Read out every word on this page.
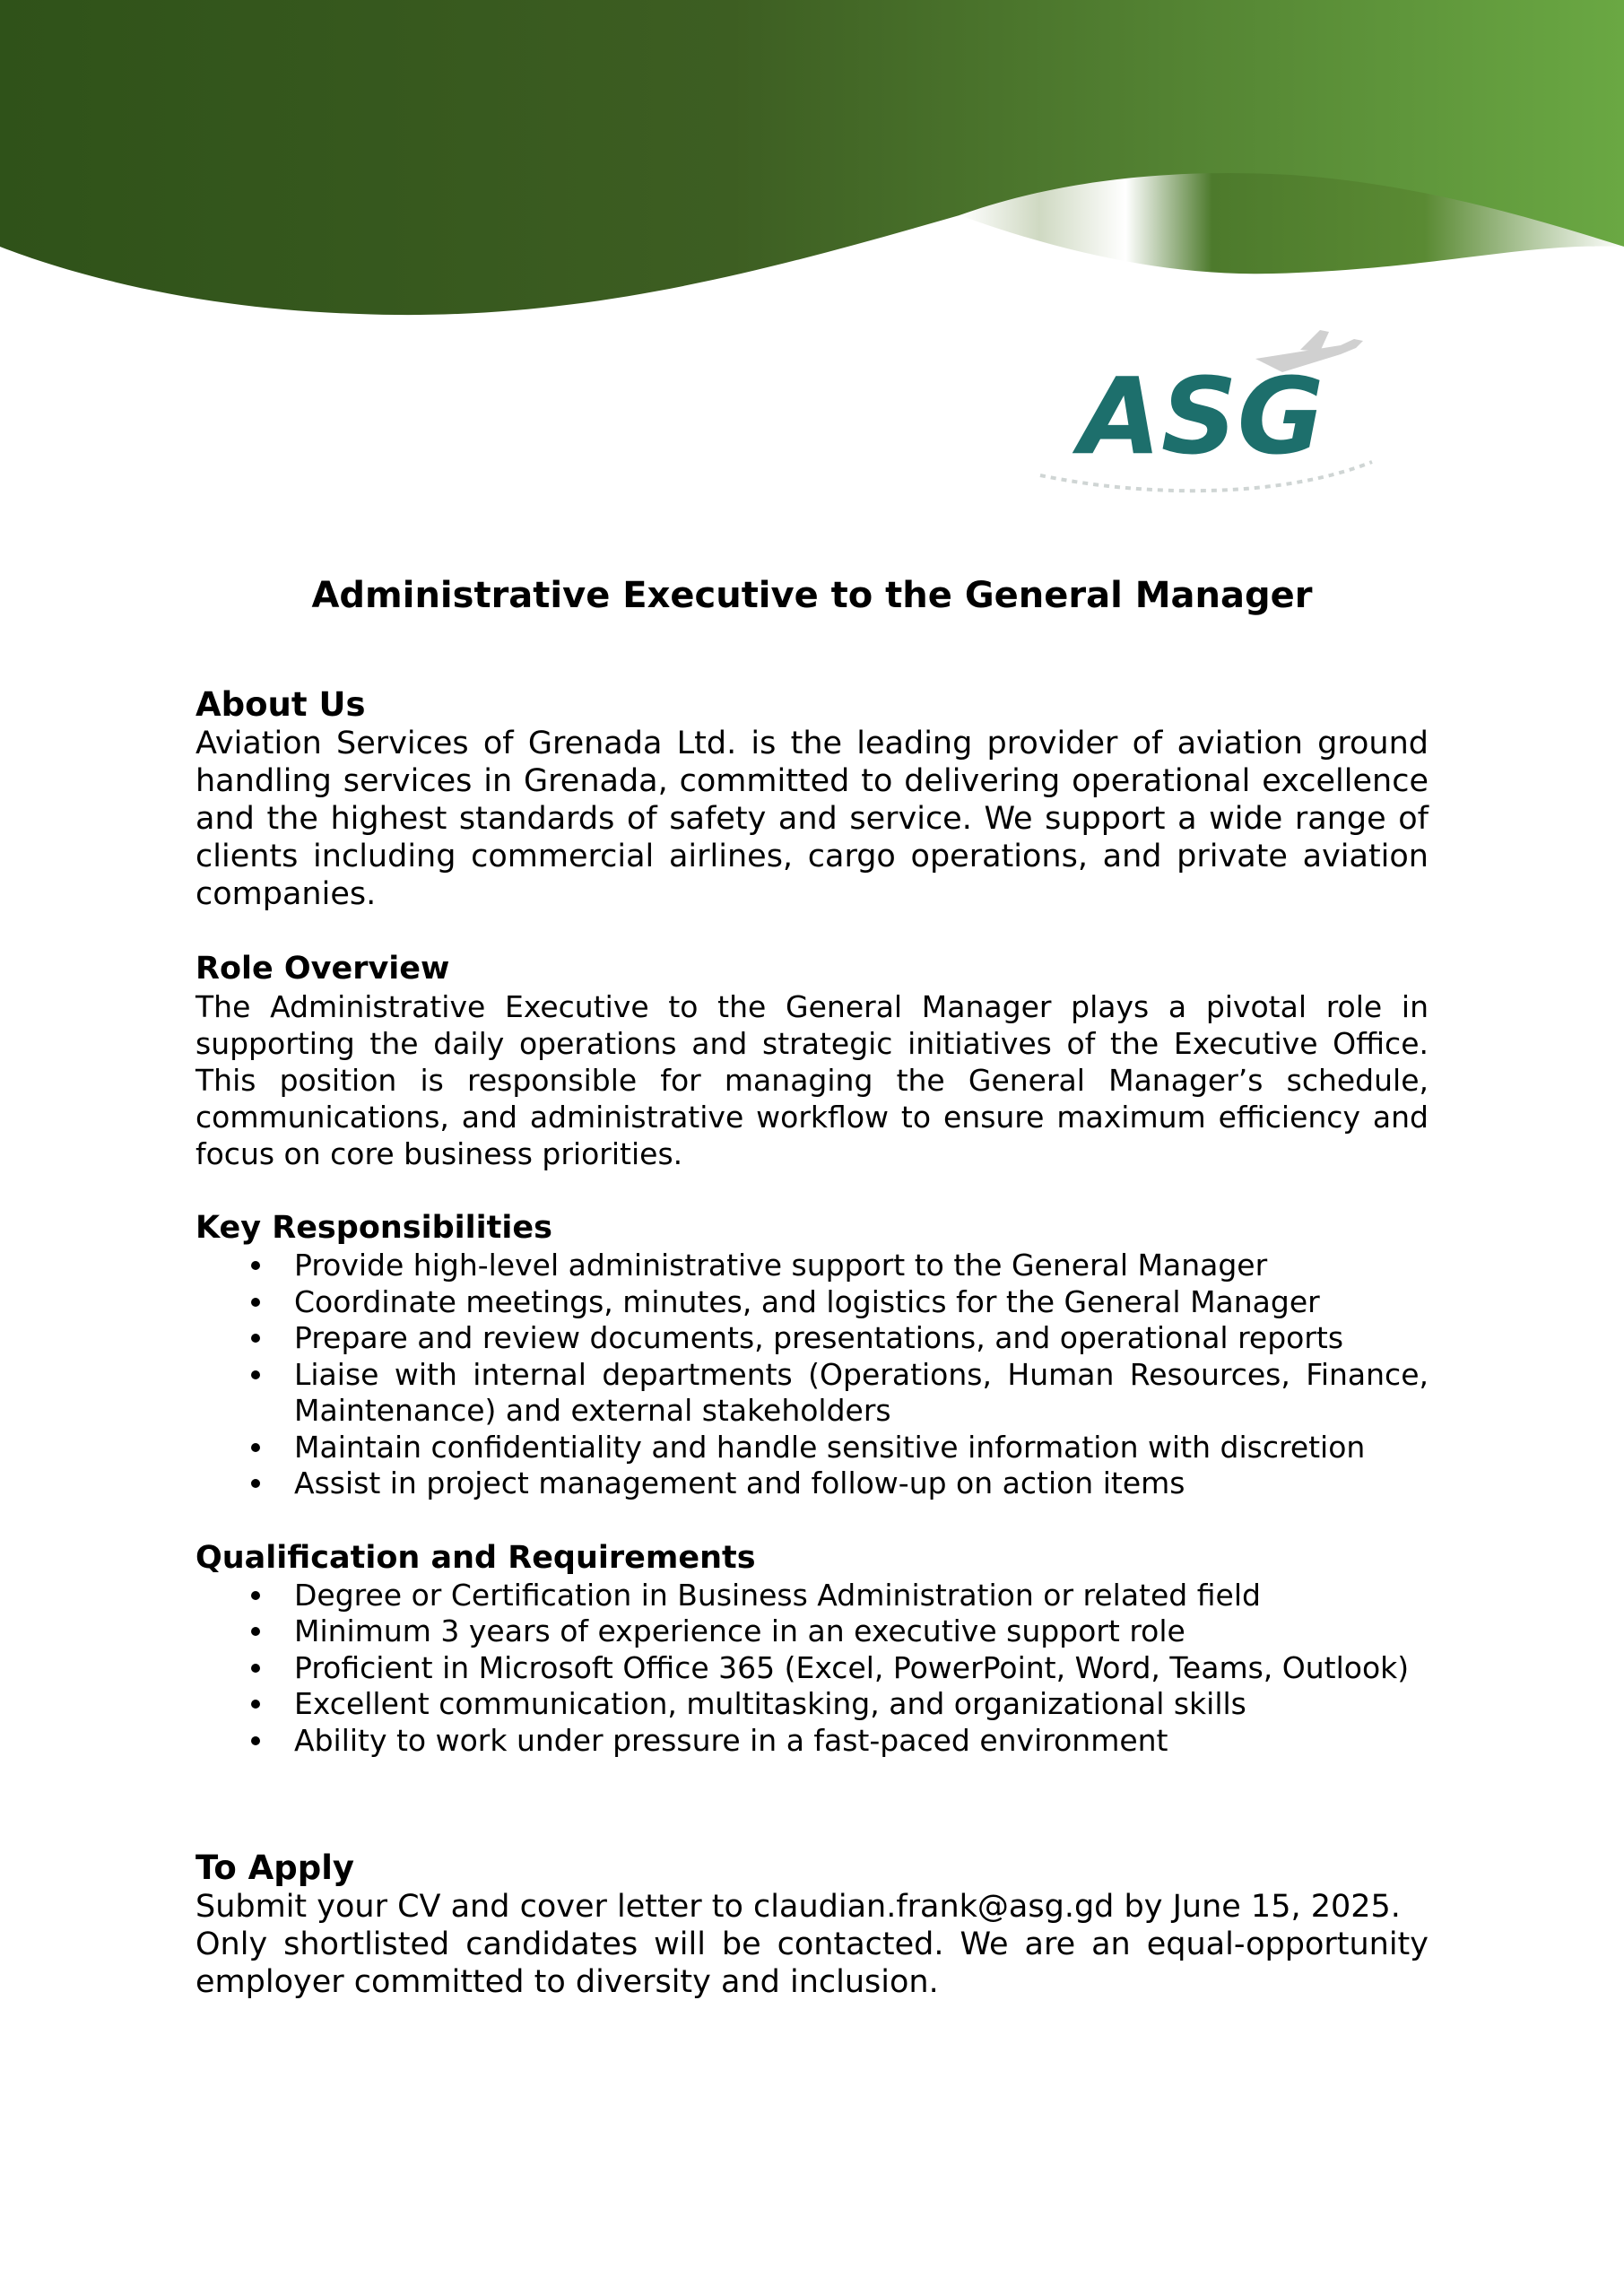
ASG
Administrative Executive to the General Manager

About Us

Aviation Services of Grenada Ltd. is the leading provider of aviation ground handling services in Grenada, committed to delivering operational excellence and the highest standards of safety and service. We support a wide range of clients including commercial airlines, cargo operations, and private aviation companies.

Role Overview

The Administrative Executive to the General Manager plays a pivotal role in supporting the daily operations and strategic initiatives of the Executive Office. This position is responsible for managing the General Manager’s schedule, communications, and administrative workflow to ensure maximum efficiency and focus on core business priorities.

Key Responsibilities

Provide high-level administrative support to the General Manager
Coordinate meetings, minutes, and logistics for the General Manager
Prepare and review documents, presentations, and operational reports
Liaise with internal departments (Operations, Human Resources, Finance, Maintenance) and external stakeholders
Maintain confidentiality and handle sensitive information with discretion
Assist in project management and follow-up on action items

Qualification and Requirements

Degree or Certification in Business Administration or related field
Minimum 3 years of experience in an executive support role
Proficient in Microsoft Office 365 (Excel, PowerPoint, Word, Teams, Outlook)
Excellent communication, multitasking, and organizational skills
Ability to work under pressure in a fast-paced environment

To Apply

Submit your CV and cover letter to claudian.frank@asg.gd by June 15, 2025.

Only shortlisted candidates will be contacted. We are an equal-opportunity employer committed to diversity and inclusion.
